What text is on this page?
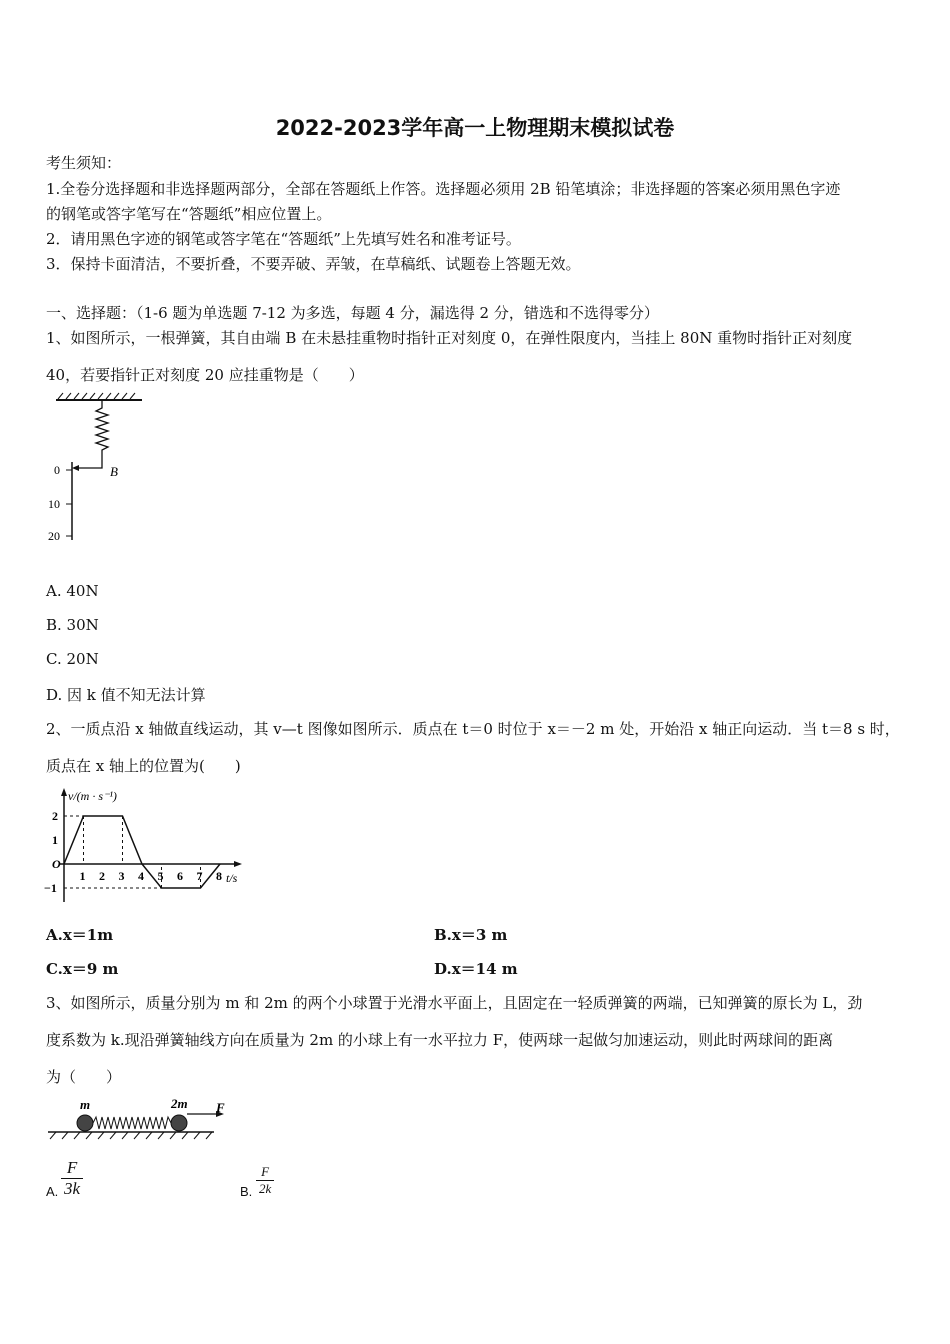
2022-2023学年高一上物理期末模拟试卷
考生须知：
1.全卷分选择题和非选择题两部分，全部在答题纸上作答。选择题必须用 2B 铅笔填涂；非选择题的答案必须用黑色字迹
的钢笔或答字笔写在“答题纸”相应位置上。
2．请用黑色字迹的钢笔或答字笔在“答题纸”上先填写姓名和准考证号。
3．保持卡面清洁，不要折叠，不要弄破、弄皱，在草稿纸、试题卷上答题无效。
一、选择题：（1-6 题为单选题 7-12 为多选，每题 4 分，漏选得 2 分，错选和不选得零分）
1、如图所示，一根弹簧，其自由端 B 在未悬挂重物时指针正对刻度 0，在弹性限度内，当挂上 80N 重物时指针正对刻度
40，若要指针正对刻度 20 应挂重物是（　　）
0
10
20
B
A. 40N
B. 30N
C. 20N
D. 因 k 值不知无法计算
2、一质点沿 x 轴做直线运动，其 v—t 图像如图所示．质点在 t＝0 时位于 x＝－2 m 处，开始沿 x 轴正向运动．当 t＝8 s 时，
质点在 x 轴上的位置为(　　)
v/(m · s⁻¹)
t/s
1 2 3 4 5 6 7 8
2
1
O
−1
A.x＝1m	B.x＝3 m
C.x＝9 m	D.x＝14 m
3、如图所示，质量分别为 m 和 2m 的两个小球置于光滑水平面上，且固定在一轻质弹簧的两端，已知弹簧的原长为 L，劲
度系数为 k.现沿弹簧轴线方向在质量为 2m 的小球上有一水平拉力 F，使两球一起做匀加速运动，则此时两球间的距离
为（　　）
m	2m F
A. $\frac{F}{3k}$	B. $\frac{F}{2k}$
